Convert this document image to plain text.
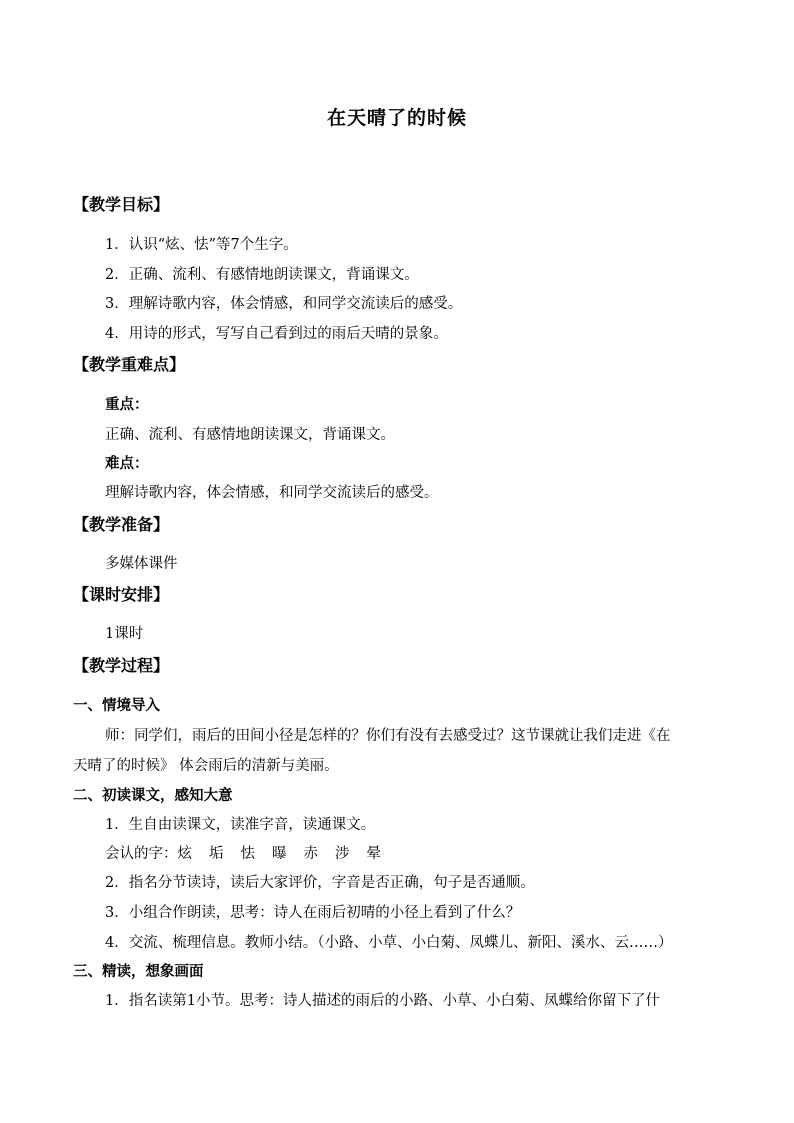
在天晴了的时候
【教学目标】
1．认识“炫、怯”等7个生字。
2．正确、流利、有感情地朗读课文，背诵课文。
3．理解诗歌内容，体会情感，和同学交流读后的感受。
4．用诗的形式，写写自己看到过的雨后天晴的景象。
【教学重难点】
重点：
正确、流利、有感情地朗读课文，背诵课文。
难点：
理解诗歌内容，体会情感，和同学交流读后的感受。
【教学准备】
多媒体课件
【课时安排】
1课时
【教学过程】
一、情境导入
师：同学们，雨后的田间小径是怎样的？你们有没有去感受过？这节课就让我们走进《在
天晴了的时候》 体会雨后的清新与美丽。
二、初读课文，感知大意
1．生自由读课文，读准字音，读通课文。
会认的字：炫 垢 怯 曝 赤 涉 晕
2．指名分节读诗，读后大家评价，字音是否正确，句子是否通顺。
3．小组合作朗读，思考：诗人在雨后初晴的小径上看到了什么？
4．交流、梳理信息。教师小结。（小路、小草、小白菊、凤蝶儿、新阳、溪水、云……）
三、精读，想象画面
1．指名读第1小节。思考：诗人描述的雨后的小路、小草、小白菊、凤蝶给你留下了什
